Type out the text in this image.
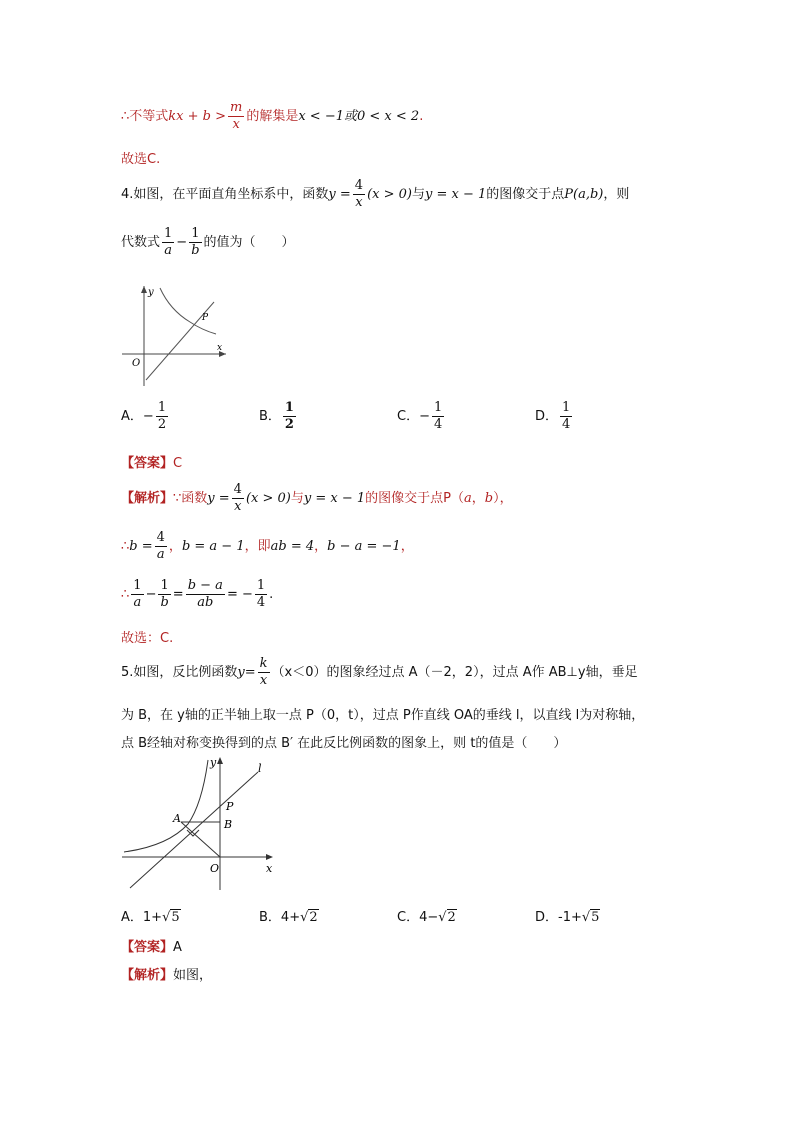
∴不等式kx + $b > \frac{m}{x}$ 的解集是x < −1或0 < x < 2.
故选C.
4.如图，在平面直角坐标系中，函数$y = \frac{4}{x} (x > 0)$与y = x − 1的图像交于点P(a,b)，则
代数式 $\frac{1}{a} - \frac{1}{b}$ 的值为（　　）
y
x
O
P
A．− $\frac{1}{2}$	B． $\frac{1}{2}$	C．− $\frac{1}{4}$	D． $\frac{1}{4}$
【答案】C
【解析】∵函数$y = \frac{4}{x} (x > 0)$与y = x − 1的图像交于点P（a，b），
∴b = $\frac{4}{a}$ ，b = a − 1，即ab = 4，b − a = −1，
∴ $\frac{1}{a} - \frac{1}{b} = \frac{b - a}{ab}$ = − $\frac{1}{4}$ .
故选：C.
5.如图，反比例函数$y= \frac{k}{x} (x<0)$的图象经过点 A（－2，2），过点 A作 AB⊥y轴，垂足
为 B，在 y轴的正半轴上取一点 P（0，t），过点 P作直线 OA的垂线 l，以直线 l为对称轴，
点 B经轴对称变换得到的点 B′ 在此反比例函数的图象上，则 t的值是（　　）
y	l
P
A	B
O	x
A．1+√5	B．4+√2	C．4−√2	D．-1+√5
【答案】A
【解析】如图，
